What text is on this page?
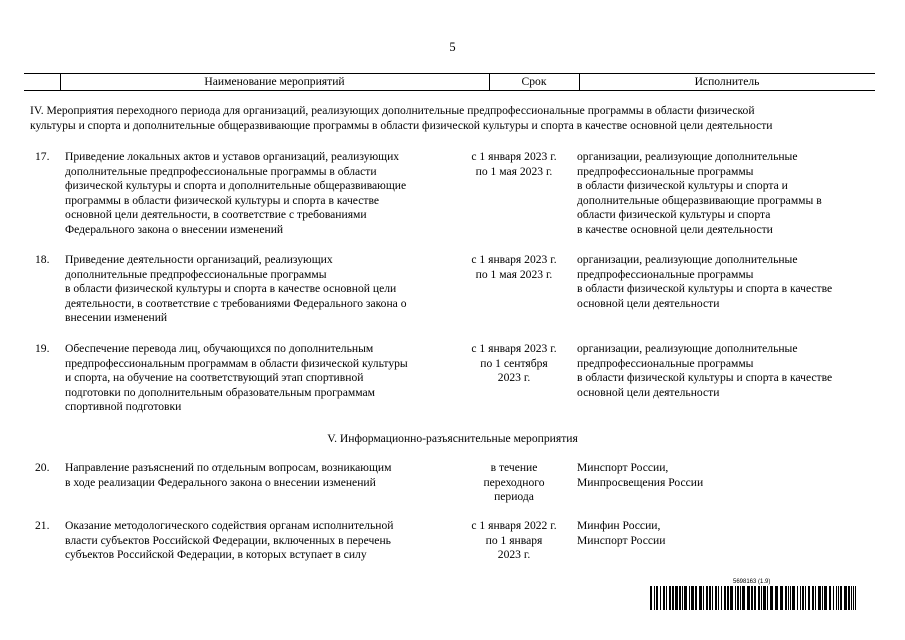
5
Наименование мероприятий	Срок	Исполнитель
IV. Мероприятия переходного периода для организаций, реализующих дополнительные предпрофессиональные программы в области физической
культуры и спорта и дополнительные общеразвивающие программы в области физической культуры и спорта в качестве основной цели деятельности
17. Приведение локальных актов и уставов организаций, реализующих
дополнительные предпрофессиональные программы в области
физической культуры и спорта и дополнительные общеразвивающие
программы в области физической культуры и спорта в качестве
основной цели деятельности, в соответствие с требованиями
Федерального закона о внесении изменений
с 1 января 2023 г.
по 1 мая 2023 г.
организации, реализующие дополнительные
предпрофессиональные программы
в области физической культуры и спорта и
дополнительные общеразвивающие программы в
области физической культуры и спорта
в качестве основной цели деятельности
18. Приведение деятельности организаций, реализующих
дополнительные предпрофессиональные программы
в области физической культуры и спорта в качестве основной цели
деятельности, в соответствие с требованиями Федерального закона о
внесении изменений
с 1 января 2023 г.
по 1 мая 2023 г.
организации, реализующие дополнительные
предпрофессиональные программы
в области физической культуры и спорта в качестве
основной цели деятельности
19. Обеспечение перевода лиц, обучающихся по дополнительным
предпрофессиональным программам в области физической культуры
и спорта, на обучение на соответствующий этап спортивной
подготовки по дополнительным образовательным программам
спортивной подготовки
с 1 января 2023 г.
по 1 сентября
2023 г.
организации, реализующие дополнительные
предпрофессиональные программы
в области физической культуры и спорта в качестве
основной цели деятельности
V. Информационно-разъяснительные мероприятия
20. Направление разъяснений по отдельным вопросам, возникающим
в ходе реализации Федерального закона о внесении изменений
в течение
переходного
периода
Минспорт России,
Минпросвещения России
21. Оказание методологического содействия органам исполнительной
власти субъектов Российской Федерации, включенных в перечень
субъектов Российской Федерации, в которых вступает в силу
с 1 января 2022 г.
по 1 января
2023 г.
Минфин России,
Минспорт России
5698163 (1.9)
